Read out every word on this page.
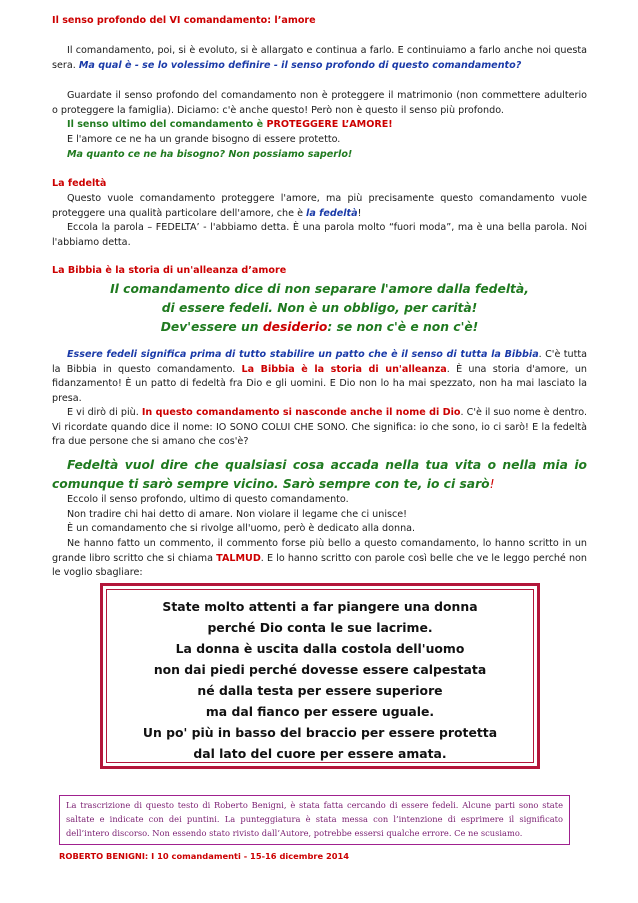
Il senso profondo del VI comandamento: l’amore
Il comandamento, poi, si è evoluto, si è allargato e continua a farlo. E continuiamo a farlo anche noi questa sera. Ma qual è - se lo volessimo definire - il senso profondo di questo comandamento?
Guardate il senso profondo del comandamento non è proteggere il matrimonio (non commettere adulterio o proteggere la famiglia). Diciamo: c'è anche questo! Però non è questo il senso più profondo.
Il senso ultimo del comandamento è PROTEGGERE L’AMORE!
E l'amore ce ne ha un grande bisogno di essere protetto.
Ma quanto ce ne ha bisogno? Non possiamo saperlo!
La fedeltà
Questo vuole comandamento proteggere l'amore, ma più precisamente questo comandamento vuole proteggere una qualità particolare dell'amore, che è la fedeltà!
Eccola la parola – FEDELTA’ - l'abbiamo detta. È una parola molto “fuori moda”, ma è una bella parola. Noi l'abbiamo detta.
La Bibbia è la storia di un'alleanza d’amore
Il comandamento dice di non separare l'amore dalla fedeltà,
di essere fedeli. Non è un obbligo, per carità!
Dev'essere un desiderio: se non c'è e non c'è!
Essere fedeli significa prima di tutto stabilire un patto che è il senso di tutta la Bibbia. C'è tutta la Bibbia in questo comandamento. La Bibbia è la storia di un'alleanza. È una storia d'amore, un fidanzamento! È un patto di fedeltà fra Dio e gli uomini. E Dio non lo ha mai spezzato, non ha mai lasciato la presa.
E vi dirò di più. In questo comandamento si nasconde anche il nome di Dio. C'è il suo nome è dentro. Vi ricordate quando dice il nome: IO SONO COLUI CHE SONO. Che significa: io che sono, io ci sarò! E la fedeltà fra due persone che si amano che cos'è?
Fedeltà vuol dire che qualsiasi cosa accada nella tua vita o nella mia io comunque ti sarò sempre vicino. Sarò sempre con te, io ci sarò!
Eccolo il senso profondo, ultimo di questo comandamento.
Non tradire chi hai detto di amare. Non violare il legame che ci unisce!
È un comandamento che si rivolge all'uomo, però è dedicato alla donna.
Ne hanno fatto un commento, il commento forse più bello a questo comandamento, lo hanno scritto in un grande libro scritto che si chiama TALMUD. E lo hanno scritto con parole così belle che ve le leggo perché non le voglio sbagliare:
State molto attenti a far piangere una donna
perché Dio conta le sue lacrime.
La donna è uscita dalla costola dell'uomo
non dai piedi perché dovesse essere calpestata
né dalla testa per essere superiore
ma dal fianco per essere uguale.
Un po' più in basso del braccio per essere protetta
dal lato del cuore per essere amata.
La trascrizione di questo testo di Roberto Benigni, è stata fatta cercando di essere fedeli. Alcune parti sono state saltate e indicate con dei puntini. La punteggiatura è stata messa con l’intenzione di esprimere il significato dell’intero discorso. Non essendo stato rivisto dall’Autore, potrebbe essersi qualche errore. Ce ne scusiamo.
ROBERTO BENIGNI: I 10 comandamenti - 15-16 dicembre 2014
